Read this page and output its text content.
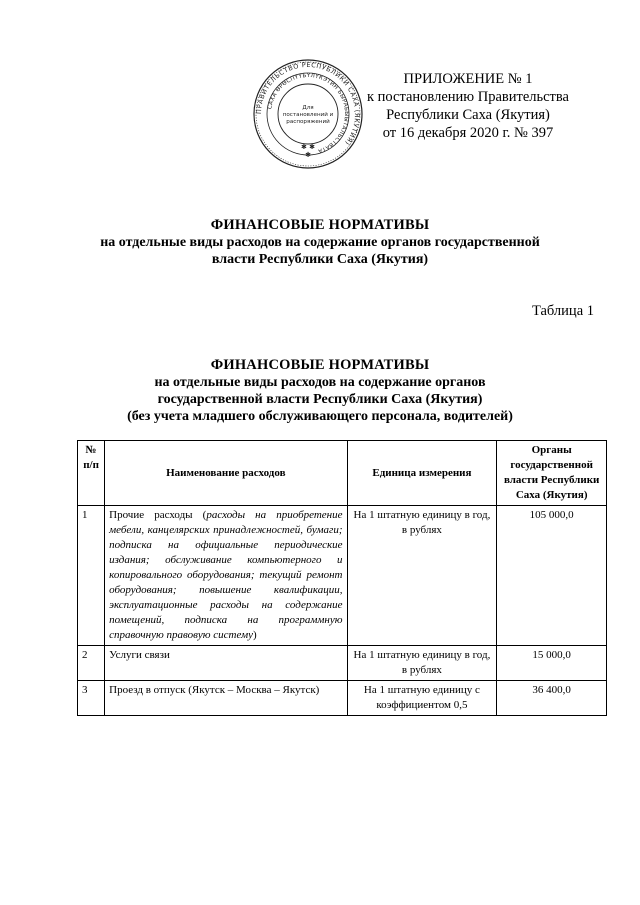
ПРАВИТЕЛЬСТВО РЕСПУБЛИКИ САХА (ЯКУТИЯ)
САХА ӨРӨСПҮҮБҮЛҮКЭТИН БЫРАБЫЫТАЛЬСТВАТА
Для
постановлений и
распоряжений
✱ ✱
✱
ПРИЛОЖЕНИЕ № 1
к постановлению Правительства
Республики Саха (Якутия)
от 16 декабря 2020 г. № 397
ФИНАНСОВЫЕ НОРМАТИВЫ
на отдельные виды расходов на содержание органов государственной
власти Республики Саха (Якутия)
Таблица 1
ФИНАНСОВЫЕ НОРМАТИВЫ
на отдельные виды расходов на содержание органов
государственной власти Республики Саха (Якутия)
(без учета младшего обслуживающего персонала, водителей)
№ п/п	Наименование расходов	Единица измерения	Органы государственной власти Республики Саха (Якутия)
1	Прочие расходы (расходы на приобретение мебели, канцелярских принадлежностей, бумаги; подписка на официальные периодические издания; обслуживание компьютерного и копировального оборудования; текущий ремонт оборудования; повышение квалификации, эксплуатационные расходы на содержание помещений, подписка на программную справочную правовую систему)	На 1 штатную единицу в год, в рублях	105 000,0
2	Услуги связи	На 1 штатную единицу в год, в рублях	15 000,0
3	Проезд в отпуск (Якутск – Москва – Якутск)	На 1 штатную единицу с коэффициентом 0,5	36 400,0
